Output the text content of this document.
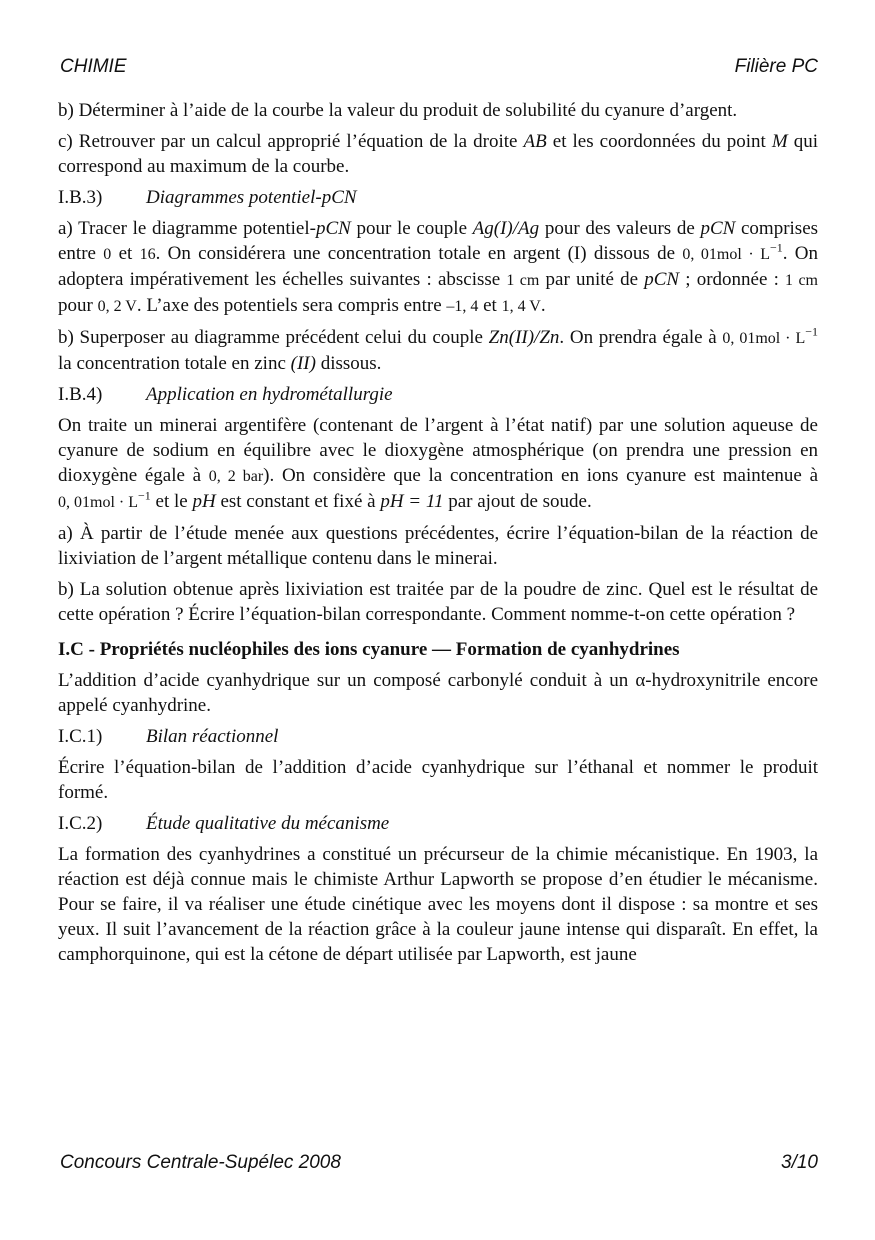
CHIMIE	Filière PC

b) Déterminer à l’aide de la courbe la valeur du produit de solubilité du cyanure d’argent.

c) Retrouver par un calcul approprié l’équation de la droite AB et les coordonnées du point M qui correspond au maximum de la courbe.

I.B.3) Diagrammes potentiel-pCN

a) Tracer le diagramme potentiel-pCN pour le couple Ag(I)/Ag pour des valeurs de pCN comprises entre 0 et 16. On considérera une concentration totale en argent (I) dissous de 0, $01mol \cdot L^{-1}$. On adoptera impérativement les échelles suivantes : abscisse 1 cm par unité de pCN ; ordonnée : 1 cm pour 0, 2 V. L’axe des potentiels sera compris entre –1, 4 et 1, 4 V.

b) Superposer au diagramme précédent celui du couple Zn(II)/Zn. On prendra égale à 0, $01mol \cdot L^{-1}$ la concentration totale en zinc (II) dissous.

I.B.4) Application en hydrométallurgie

On traite un minerai argentifère (contenant de l’argent à l’état natif) par une solution aqueuse de cyanure de sodium en équilibre avec le dioxygène atmosphérique (on prendra une pression en dioxygène égale à 0, 2 bar). On considère que la concentration en ions cyanure est maintenue à 0, $01mol \cdot L^{-1}$ et le pH est constant et fixé à pH = 11 par ajout de soude.

a) À partir de l’étude menée aux questions précédentes, écrire l’équation-bilan de la réaction de lixiviation de l’argent métallique contenu dans le minerai.

b) La solution obtenue après lixiviation est traitée par de la poudre de zinc. Quel est le résultat de cette opération ? Écrire l’équation-bilan correspondante. Comment nomme-t-on cette opération ?

I.C - Propriétés nucléophiles des ions cyanure — Formation de cyanhydrines

L’addition d’acide cyanhydrique sur un composé carbonylé conduit à un α-hydroxynitrile encore appelé cyanhydrine.

I.C.1) Bilan réactionnel

Écrire l’équation-bilan de l’addition d’acide cyanhydrique sur l’éthanal et nommer le produit formé.

I.C.2) Étude qualitative du mécanisme

La formation des cyanhydrines a constitué un précurseur de la chimie mécanistique. En 1903, la réaction est déjà connue mais le chimiste Arthur Lapworth se propose d’en étudier le mécanisme. Pour se faire, il va réaliser une étude cinétique avec les moyens dont il dispose : sa montre et ses yeux. Il suit l’avancement de la réaction grâce à la couleur jaune intense qui disparaît. En effet, la camphorquinone, qui est la cétone de départ utilisée par Lapworth, est jaune

Concours Centrale-Supélec 2008	3/10
